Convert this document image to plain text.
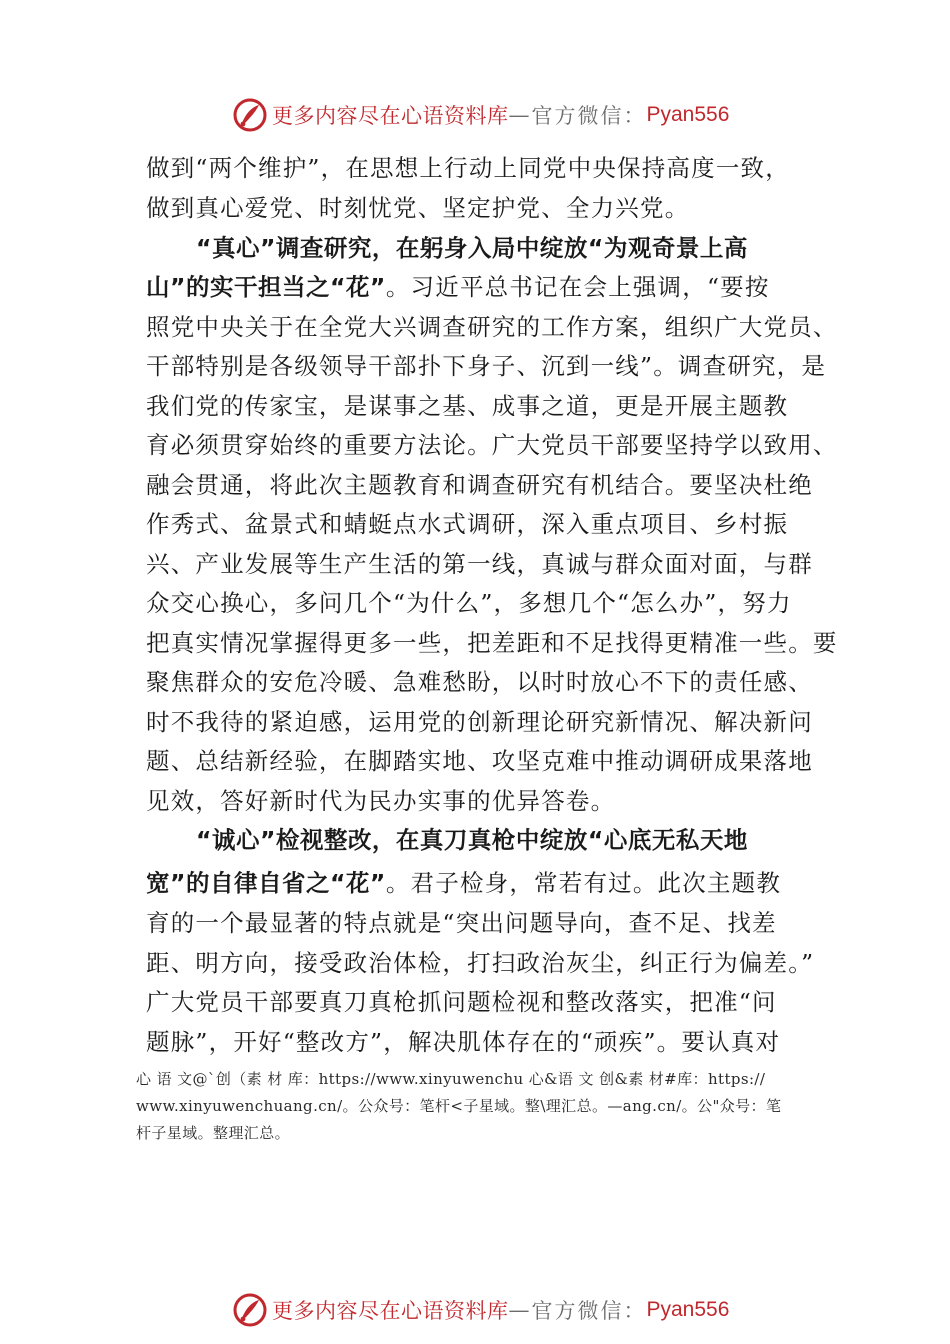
更多内容尽在心语资料库 — 官方微信： Pyan556
做到“两个维护”，在思想上行动上同党中央保持高度一致，
做到真心爱党、时刻忧党、坚定护党、全力兴党。
“真心”调查研究，在躬身入局中绽放“为观奇景上高
山”的实干担当之“花”。习近平总书记在会上强调，“要按
照党中央关于在全党大兴调查研究的工作方案，组织广大党员、
干部特别是各级领导干部扑下身子、沉到一线”。调查研究，是
我们党的传家宝，是谋事之基、成事之道，更是开展主题教
育必须贯穿始终的重要方法论。广大党员干部要坚持学以致用、
融会贯通，将此次主题教育和调查研究有机结合。要坚决杜绝
作秀式、盆景式和蜻蜓点水式调研，深入重点项目、乡村振
兴、产业发展等生产生活的第一线，真诚与群众面对面，与群
众交心换心，多问几个“为什么”，多想几个“怎么办”，努力
把真实情况掌握得更多一些，把差距和不足找得更精准一些。要
聚焦群众的安危冷暖、急难愁盼，以时时放心不下的责任感、
时不我待的紧迫感，运用党的创新理论研究新情况、解决新问
题、总结新经验，在脚踏实地、攻坚克难中推动调研成果落地
见效，答好新时代为民办实事的优异答卷。
“诚心”检视整改，在真刀真枪中绽放“心底无私天地
宽”的自律自省之“花”。君子检身，常若有过。此次主题教
育的一个最显著的特点就是“突出问题导向，查不足、找差
距、明方向，接受政治体检，打扫政治灰尘，纠正行为偏差。”
广大党员干部要真刀真枪抓问题检视和整改落实，把准“问
题脉”，开好“整改方”，解决肌体存在的“顽疾”。要认真对
心 语 文@`创（素 材 库：https://www.xinyuwenchu 心&语 文 创&素 材#库：https://
www.xinyuwenchuang.cn/。公众号：笔杆<子星域。整\理汇总。—ang.cn/。公"众号：笔
杆子星域。整理汇总。
更多内容尽在心语资料库 — 官方微信： Pyan556
